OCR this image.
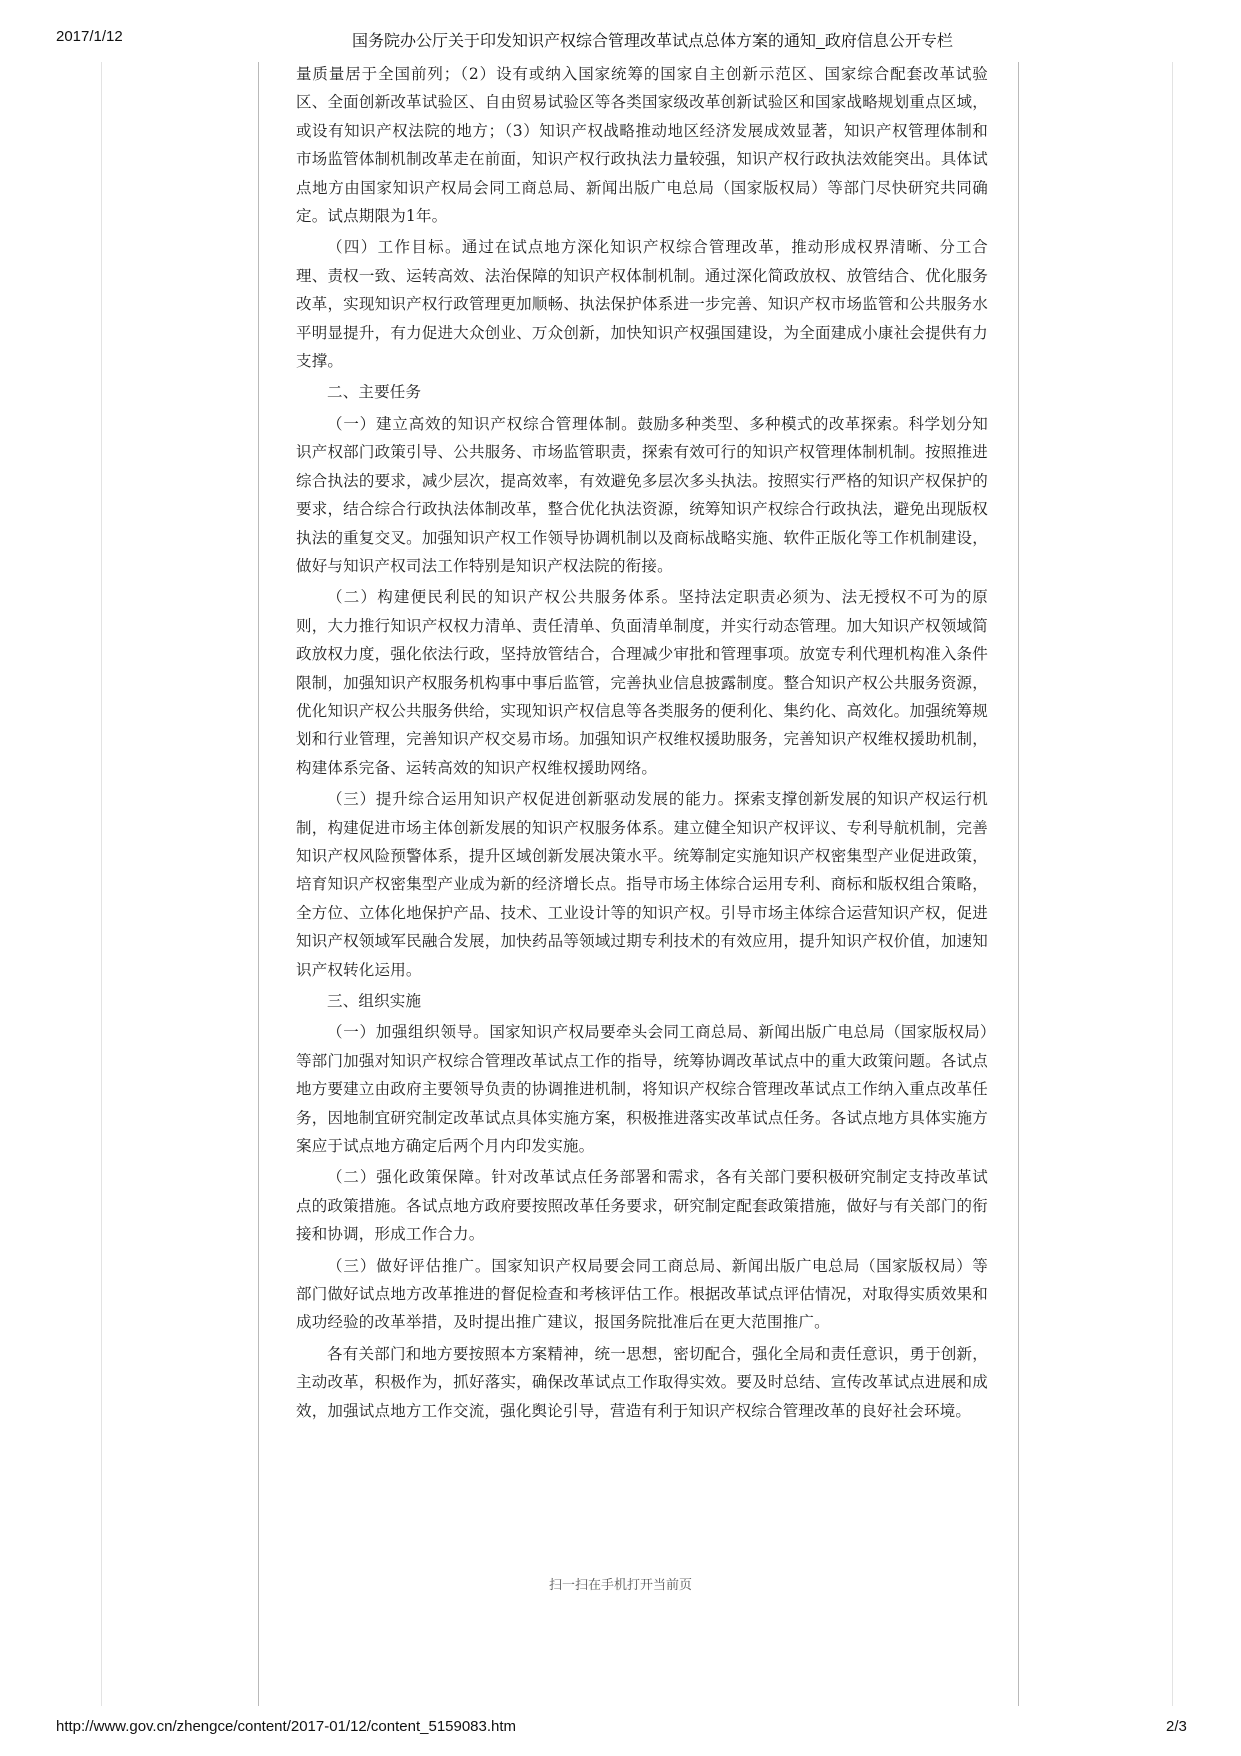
2017/1/12	国务院办公厅关于印发知识产权综合管理改革试点总体方案的通知_政府信息公开专栏

量质量居于全国前列；（2）设有或纳入国家统筹的国家自主创新示范区、国家综合配套改革试验区、全面创新改革试验区、自由贸易试验区等各类国家级改革创新试验区和国家战略规划重点区域，或设有知识产权法院的地方；（3）知识产权战略推动地区经济发展成效显著，知识产权管理体制和市场监管体制机制改革走在前面，知识产权行政执法力量较强，知识产权行政执法效能突出。具体试点地方由国家知识产权局会同工商总局、新闻出版广电总局（国家版权局）等部门尽快研究共同确定。试点期限为1年。

（四）工作目标。通过在试点地方深化知识产权综合管理改革，推动形成权界清晰、分工合理、责权一致、运转高效、法治保障的知识产权体制机制。通过深化简政放权、放管结合、优化服务改革，实现知识产权行政管理更加顺畅、执法保护体系进一步完善、知识产权市场监管和公共服务水平明显提升，有力促进大众创业、万众创新，加快知识产权强国建设，为全面建成小康社会提供有力支撑。

二、主要任务

（一）建立高效的知识产权综合管理体制。鼓励多种类型、多种模式的改革探索。科学划分知识产权部门政策引导、公共服务、市场监管职责，探索有效可行的知识产权管理体制机制。按照推进综合执法的要求，减少层次，提高效率，有效避免多层次多头执法。按照实行严格的知识产权保护的要求，结合综合行政执法体制改革，整合优化执法资源，统筹知识产权综合行政执法，避免出现版权执法的重复交叉。加强知识产权工作领导协调机制以及商标战略实施、软件正版化等工作机制建设，做好与知识产权司法工作特别是知识产权法院的衔接。

（二）构建便民利民的知识产权公共服务体系。坚持法定职责必须为、法无授权不可为的原则，大力推行知识产权权力清单、责任清单、负面清单制度，并实行动态管理。加大知识产权领域简政放权力度，强化依法行政，坚持放管结合，合理减少审批和管理事项。放宽专利代理机构准入条件限制，加强知识产权服务机构事中事后监管，完善执业信息披露制度。整合知识产权公共服务资源，优化知识产权公共服务供给，实现知识产权信息等各类服务的便利化、集约化、高效化。加强统筹规划和行业管理，完善知识产权交易市场。加强知识产权维权援助服务，完善知识产权维权援助机制，构建体系完备、运转高效的知识产权维权援助网络。

（三）提升综合运用知识产权促进创新驱动发展的能力。探索支撑创新发展的知识产权运行机制，构建促进市场主体创新发展的知识产权服务体系。建立健全知识产权评议、专利导航机制，完善知识产权风险预警体系，提升区域创新发展决策水平。统筹制定实施知识产权密集型产业促进政策，培育知识产权密集型产业成为新的经济增长点。指导市场主体综合运用专利、商标和版权组合策略，全方位、立体化地保护产品、技术、工业设计等的知识产权。引导市场主体综合运营知识产权，促进知识产权领域军民融合发展，加快药品等领域过期专利技术的有效应用，提升知识产权价值，加速知识产权转化运用。

三、组织实施

（一）加强组织领导。国家知识产权局要牵头会同工商总局、新闻出版广电总局（国家版权局）等部门加强对知识产权综合管理改革试点工作的指导，统筹协调改革试点中的重大政策问题。各试点地方要建立由政府主要领导负责的协调推进机制，将知识产权综合管理改革试点工作纳入重点改革任务，因地制宜研究制定改革试点具体实施方案，积极推进落实改革试点任务。各试点地方具体实施方案应于试点地方确定后两个月内印发实施。

（二）强化政策保障。针对改革试点任务部署和需求，各有关部门要积极研究制定支持改革试点的政策措施。各试点地方政府要按照改革任务要求，研究制定配套政策措施，做好与有关部门的衔接和协调，形成工作合力。

（三）做好评估推广。国家知识产权局要会同工商总局、新闻出版广电总局（国家版权局）等部门做好试点地方改革推进的督促检查和考核评估工作。根据改革试点评估情况，对取得实质效果和成功经验的改革举措，及时提出推广建议，报国务院批准后在更大范围推广。

各有关部门和地方要按照本方案精神，统一思想，密切配合，强化全局和责任意识，勇于创新，主动改革，积极作为，抓好落实，确保改革试点工作取得实效。要及时总结、宣传改革试点进展和成效，加强试点地方工作交流，强化舆论引导，营造有利于知识产权综合管理改革的良好社会环境。

扫一扫在手机打开当前页
http://www.gov.cn/zhengce/content/2017-01/12/content_5159083.htm	2/3
